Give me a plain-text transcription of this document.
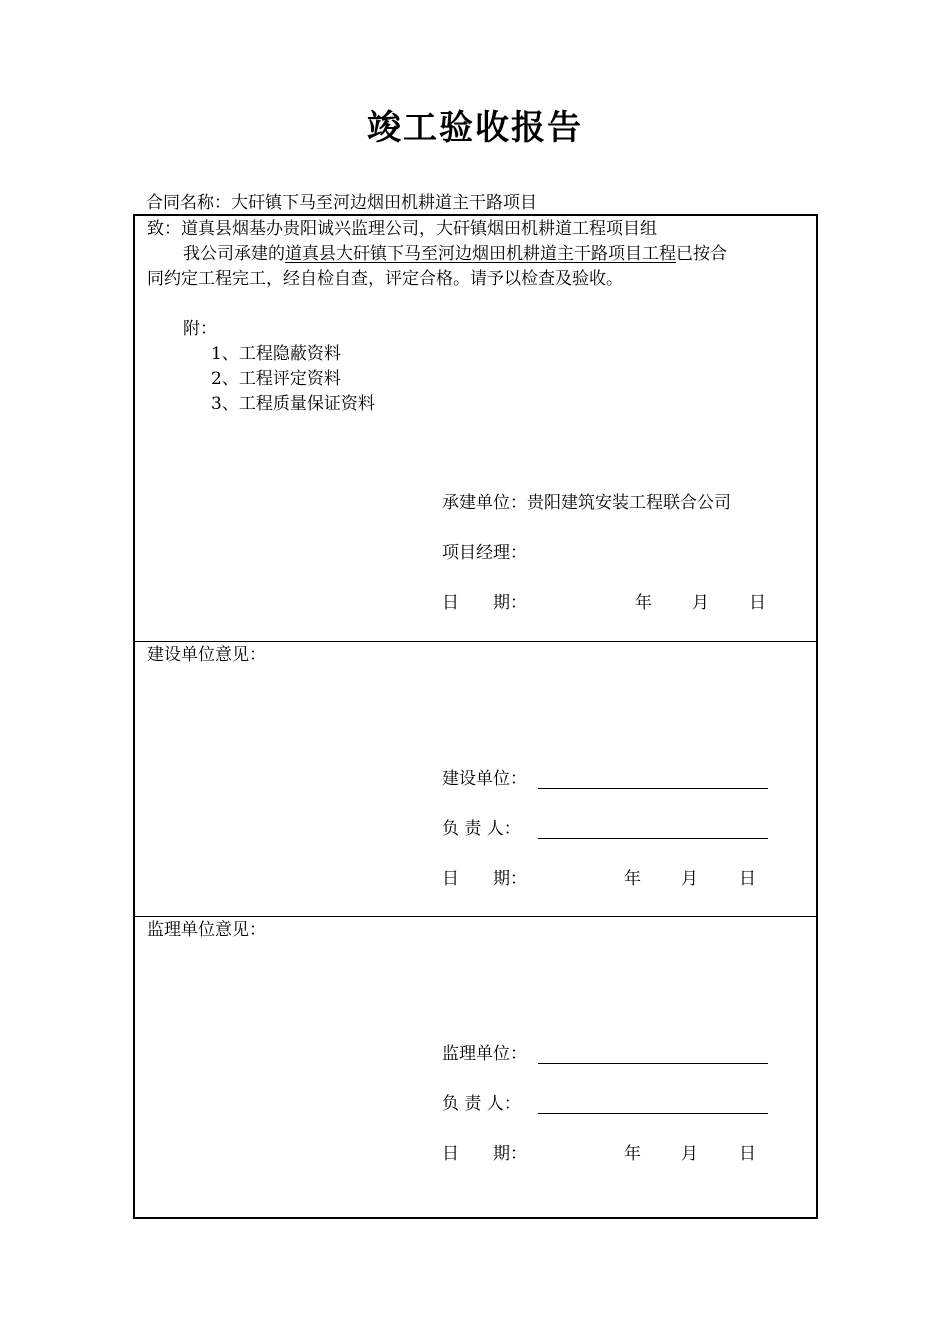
竣工验收报告
合同名称：大矸镇下马至河边烟田机耕道主干路项目
致：道真县烟基办贵阳诚兴监理公司，大矸镇烟田机耕道工程项目组
我公司承建的道真县大矸镇下马至河边烟田机耕道主干路项目工程已按合
同约定工程完工，经自检自查，评定合格。请予以检查及验收。
附：
1、工程隐蔽资料
2、工程评定资料
3、工程质量保证资料
承建单位：贵阳建筑安装工程联合公司
项目经理：
日　　期：	年 月 日
建设单位意见：
建设单位：
负 责 人：
日　　期：	年 月 日
监理单位意见：
监理单位：
负 责 人：
日　　期：	年 月 日
